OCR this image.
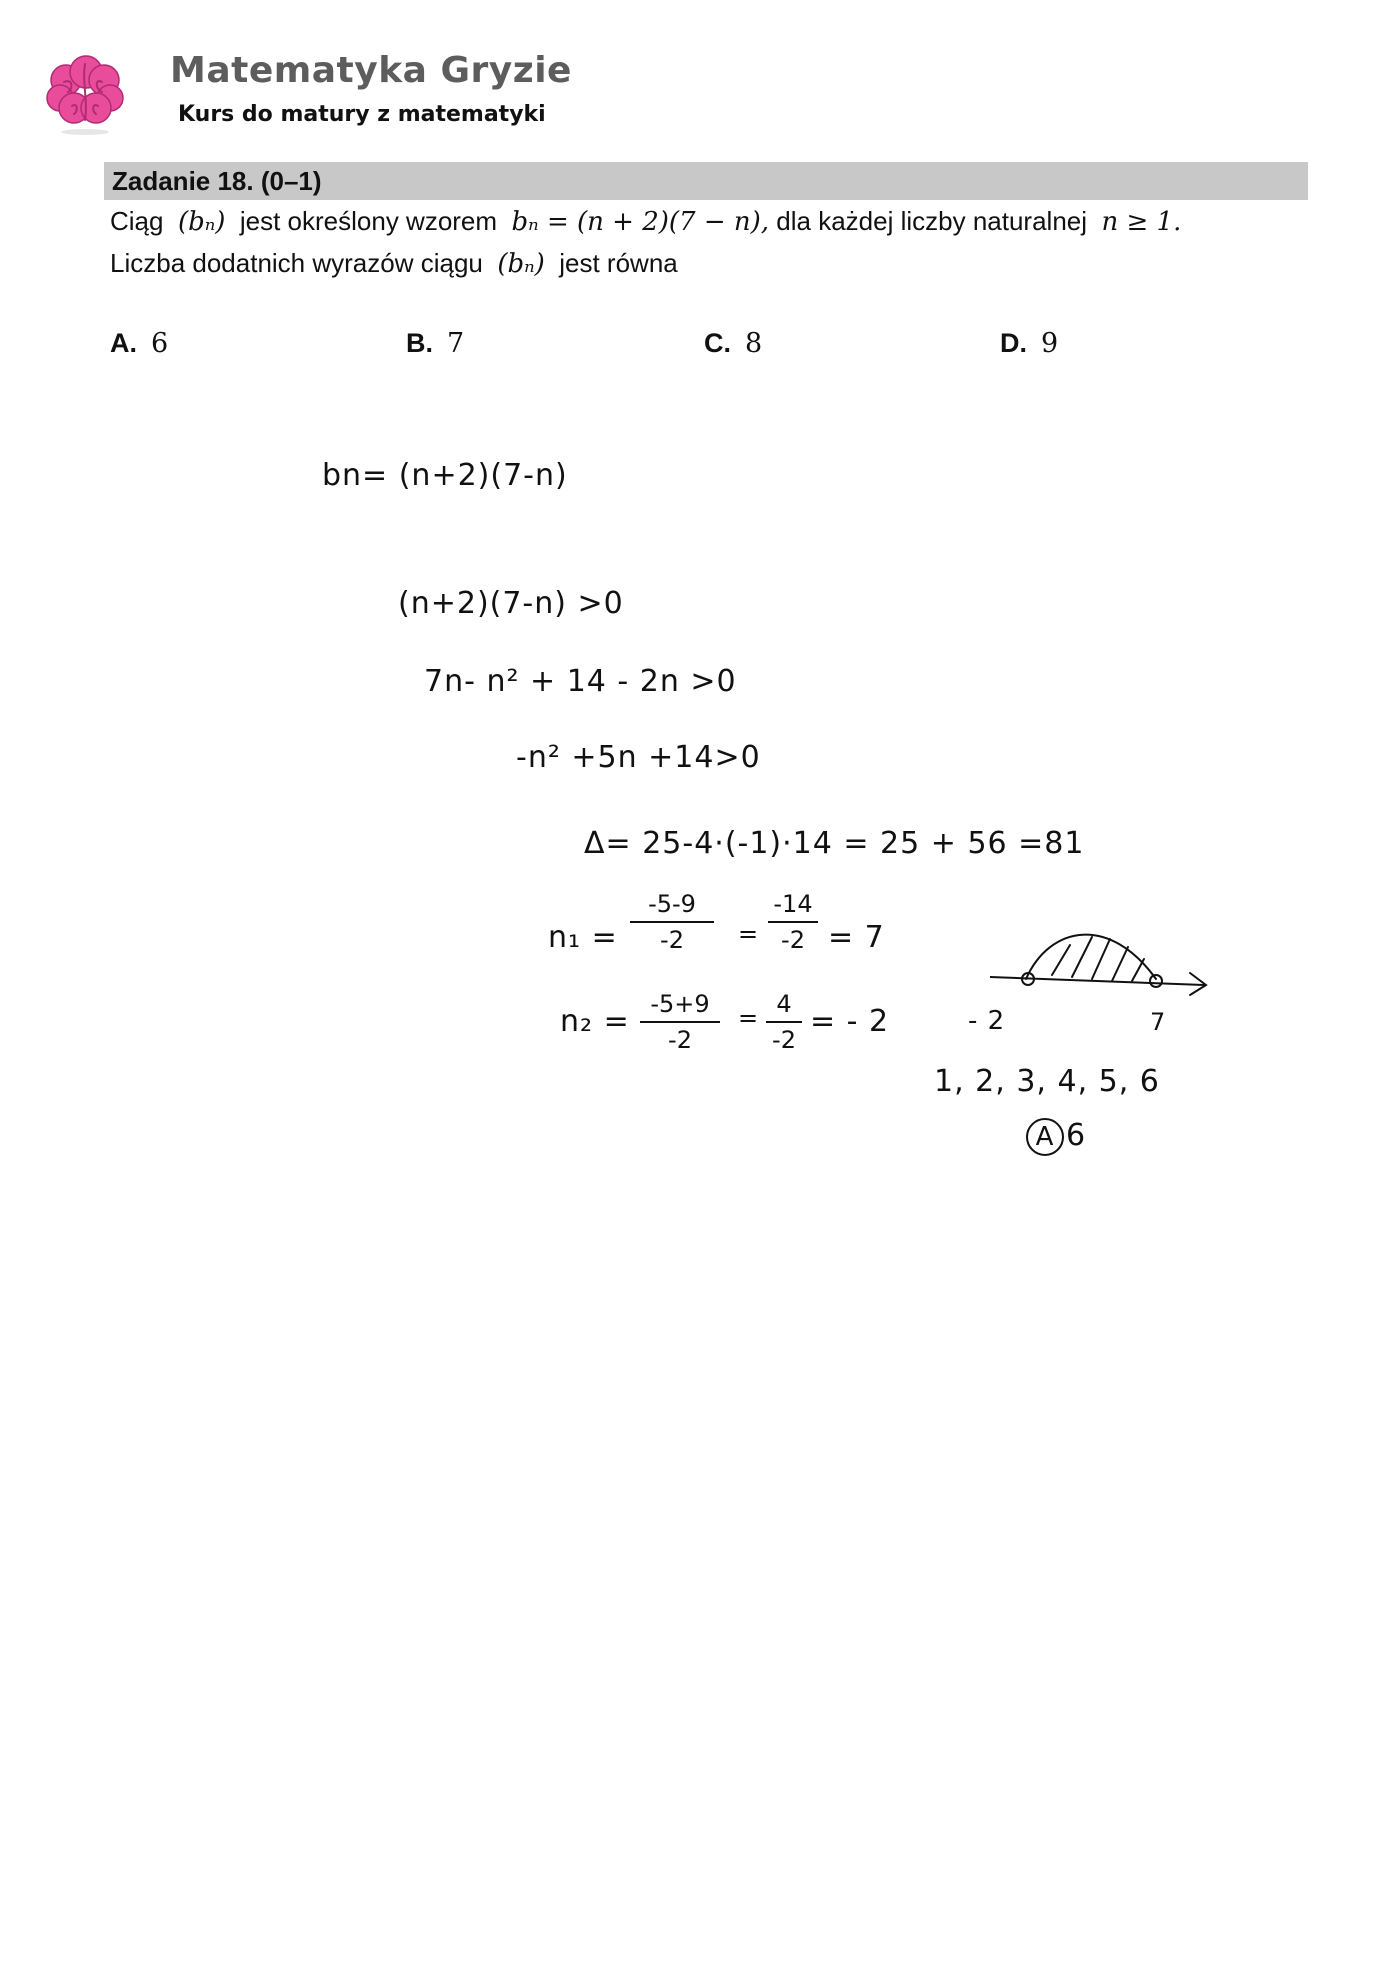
Matematyka Gryzie

Kurs do matury z matematyki

Zadanie 18. (0–1)

Ciąg (bₙ) jest określony wzorem bₙ = (n + 2)(7 − n), dla każdej liczby naturalnej n ≥ 1.

Liczba dodatnich wyrazów ciągu (bₙ) jest równa

A. 6	B. 7	C. 8	D. 9

bn= (n+2)(7-n)

(n+2)(7-n) >0

7n- n² + 14 - 2n >0

-n² +5n +14>0

Δ= 25-4·(-1)·14 = 25 + 56 =81

n₁ =

-5-9
-2 =

-14
-2 = 7

n₂ = -5+9
-2

= 4
-2

= - 2	- 2	7

1, 2, 3, 4, 5, 6

A 6
